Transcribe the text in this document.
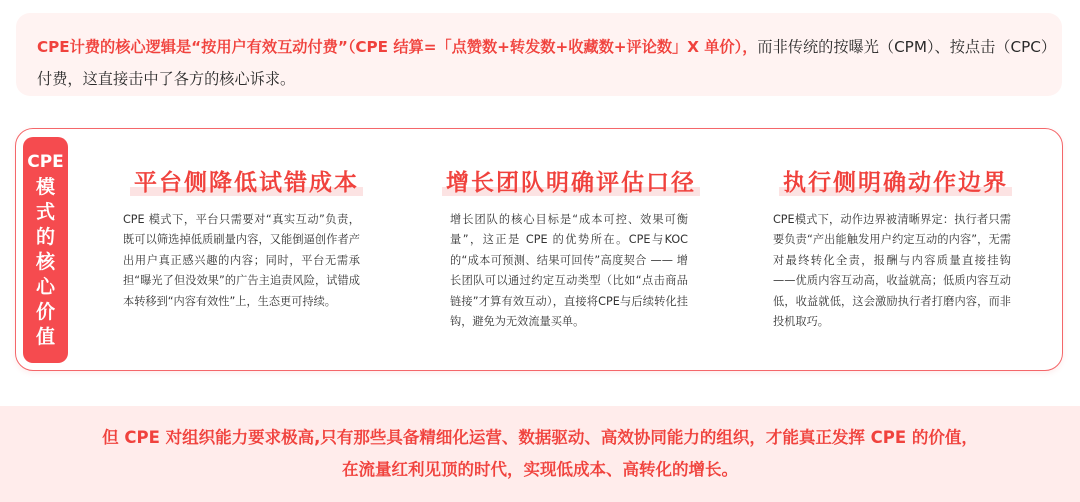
CPE计费的核心逻辑是“按用户有效互动付费”（CPE 结算=「点赞数+转发数+收藏数+评论数」X 单价），而非传统的按曝光（CPM）、按点击（CPC）付费，这直接击中了各方的核心诉求。
CPE
模
式
的
核
心
价
值
平台侧降低试错成本

CPE 模式下，平台只需要对“真实互动”负责，既可以筛选掉低质刷量内容，又能倒逼创作者产出用户真正感兴趣的内容；同时，平台无需承担“曝光了但没效果”的广告主追责风险，试错成本转移到“内容有效性”上，生态更可持续。

增长团队明确评估口径

增长团队的核心目标是“成本可控、效果可衡量”，这正是 CPE 的优势所在。CPE与KOC 的“成本可预测、结果可回传”高度契合 —— 增长团队可以通过约定互动类型（比如“点击商品链接”才算有效互动），直接将CPE与后续转化挂钩，避免为无效流量买单。

执行侧明确动作边界

CPE模式下，动作边界被清晰界定：执行者只需要负责“产出能触发用户约定互动的内容”，无需对最终转化全责，报酬与内容质量直接挂钩 ——优质内容互动高，收益就高；低质内容互动低，收益就低，这会激励执行者打磨内容，而非投机取巧。

但 CPE 对组织能力要求极高,只有那些具备精细化运营、数据驱动、高效协同能力的组织，才能真正发挥 CPE 的价值，
在流量红利见顶的时代，实现低成本、高转化的增长。
